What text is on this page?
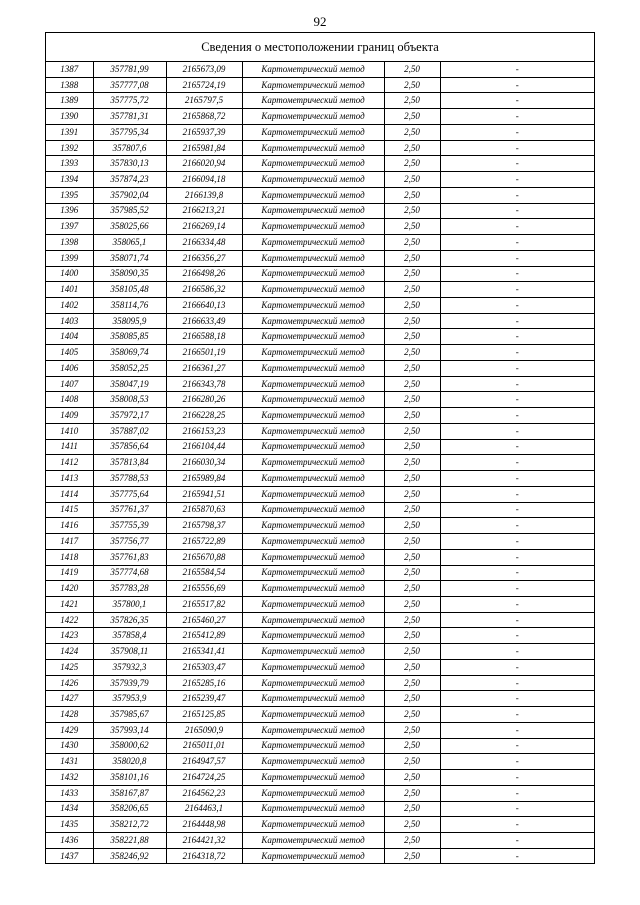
92
Сведения о местоположении границ объекта
1387	357781,99	2165673,09	Картометрический метод	2,50	-
1388	357777,08	2165724,19	Картометрический метод	2,50	-
1389	357775,72	2165797,5	Картометрический метод	2,50	-
1390	357781,31	2165868,72	Картометрический метод	2,50	-
1391	357795,34	2165937,39	Картометрический метод	2,50	-
1392	357807,6	2165981,84	Картометрический метод	2,50	-
1393	357830,13	2166020,94	Картометрический метод	2,50	-
1394	357874,23	2166094,18	Картометрический метод	2,50	-
1395	357902,04	2166139,8	Картометрический метод	2,50	-
1396	357985,52	2166213,21	Картометрический метод	2,50	-
1397	358025,66	2166269,14	Картометрический метод	2,50	-
1398	358065,1	2166334,48	Картометрический метод	2,50	-
1399	358071,74	2166356,27	Картометрический метод	2,50	-
1400	358090,35	2166498,26	Картометрический метод	2,50	-
1401	358105,48	2166586,32	Картометрический метод	2,50	-
1402	358114,76	2166640,13	Картометрический метод	2,50	-
1403	358095,9	2166633,49	Картометрический метод	2,50	-
1404	358085,85	2166588,18	Картометрический метод	2,50	-
1405	358069,74	2166501,19	Картометрический метод	2,50	-
1406	358052,25	2166361,27	Картометрический метод	2,50	-
1407	358047,19	2166343,78	Картометрический метод	2,50	-
1408	358008,53	2166280,26	Картометрический метод	2,50	-
1409	357972,17	2166228,25	Картометрический метод	2,50	-
1410	357887,02	2166153,23	Картометрический метод	2,50	-
1411	357856,64	2166104,44	Картометрический метод	2,50	-
1412	357813,84	2166030,34	Картометрический метод	2,50	-
1413	357788,53	2165989,84	Картометрический метод	2,50	-
1414	357775,64	2165941,51	Картометрический метод	2,50	-
1415	357761,37	2165870,63	Картометрический метод	2,50	-
1416	357755,39	2165798,37	Картометрический метод	2,50	-
1417	357756,77	2165722,89	Картометрический метод	2,50	-
1418	357761,83	2165670,88	Картометрический метод	2,50	-
1419	357774,68	2165584,54	Картометрический метод	2,50	-
1420	357783,28	2165556,69	Картометрический метод	2,50	-
1421	357800,1	2165517,82	Картометрический метод	2,50	-
1422	357826,35	2165460,27	Картометрический метод	2,50	-
1423	357858,4	2165412,89	Картометрический метод	2,50	-
1424	357908,11	2165341,41	Картометрический метод	2,50	-
1425	357932,3	2165303,47	Картометрический метод	2,50	-
1426	357939,79	2165285,16	Картометрический метод	2,50	-
1427	357953,9	2165239,47	Картометрический метод	2,50	-
1428	357985,67	2165125,85	Картометрический метод	2,50	-
1429	357993,14	2165090,9	Картометрический метод	2,50	-
1430	358000,62	2165011,01	Картометрический метод	2,50	-
1431	358020,8	2164947,57	Картометрический метод	2,50	-
1432	358101,16	2164724,25	Картометрический метод	2,50	-
1433	358167,87	2164562,23	Картометрический метод	2,50	-
1434	358206,65	2164463,1	Картометрический метод	2,50	-
1435	358212,72	2164448,98	Картометрический метод	2,50	-
1436	358221,88	2164421,32	Картометрический метод	2,50	-
1437	358246,92	2164318,72	Картометрический метод	2,50	-
